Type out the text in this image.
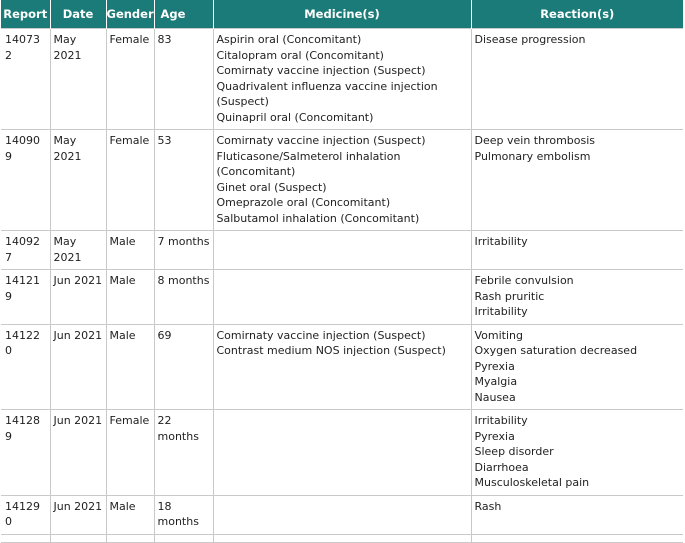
Report	Date	Gender	Age	Medicine(s)	Reaction(s)
140732	May 2021	Female	83	Aspirin oral (Concomitant)
Citalopram oral (Concomitant)
Comirnaty vaccine injection (Suspect)
Quadrivalent influenza vaccine injection (Suspect)
Quinapril oral (Concomitant)	Disease progression

140909	May 2021	Female	53	Comirnaty vaccine injection (Suspect)
Fluticasone/Salmeterol inhalation (Concomitant)
Ginet oral (Suspect)
Omeprazole oral (Concomitant)
Salbutamol inhalation (Concomitant)	Deep vein thrombosis
Pulmonary embolism

140927	May 2021	Male	7 months		Irritability

141219	Jun 2021	Male	8 months		Febrile convulsion
Rash pruritic
Irritability

141220	Jun 2021	Male	69	Comirnaty vaccine injection (Suspect)
Contrast medium NOS injection (Suspect)	Vomiting
Oxygen saturation decreased
Pyrexia
Myalgia
Nausea

141289	Jun 2021	Female	22 months		Irritability
Pyrexia
Sleep disorder
Diarrhoea
Musculoskeletal pain

141290	Jun 2021	Male	18 months		Rash
